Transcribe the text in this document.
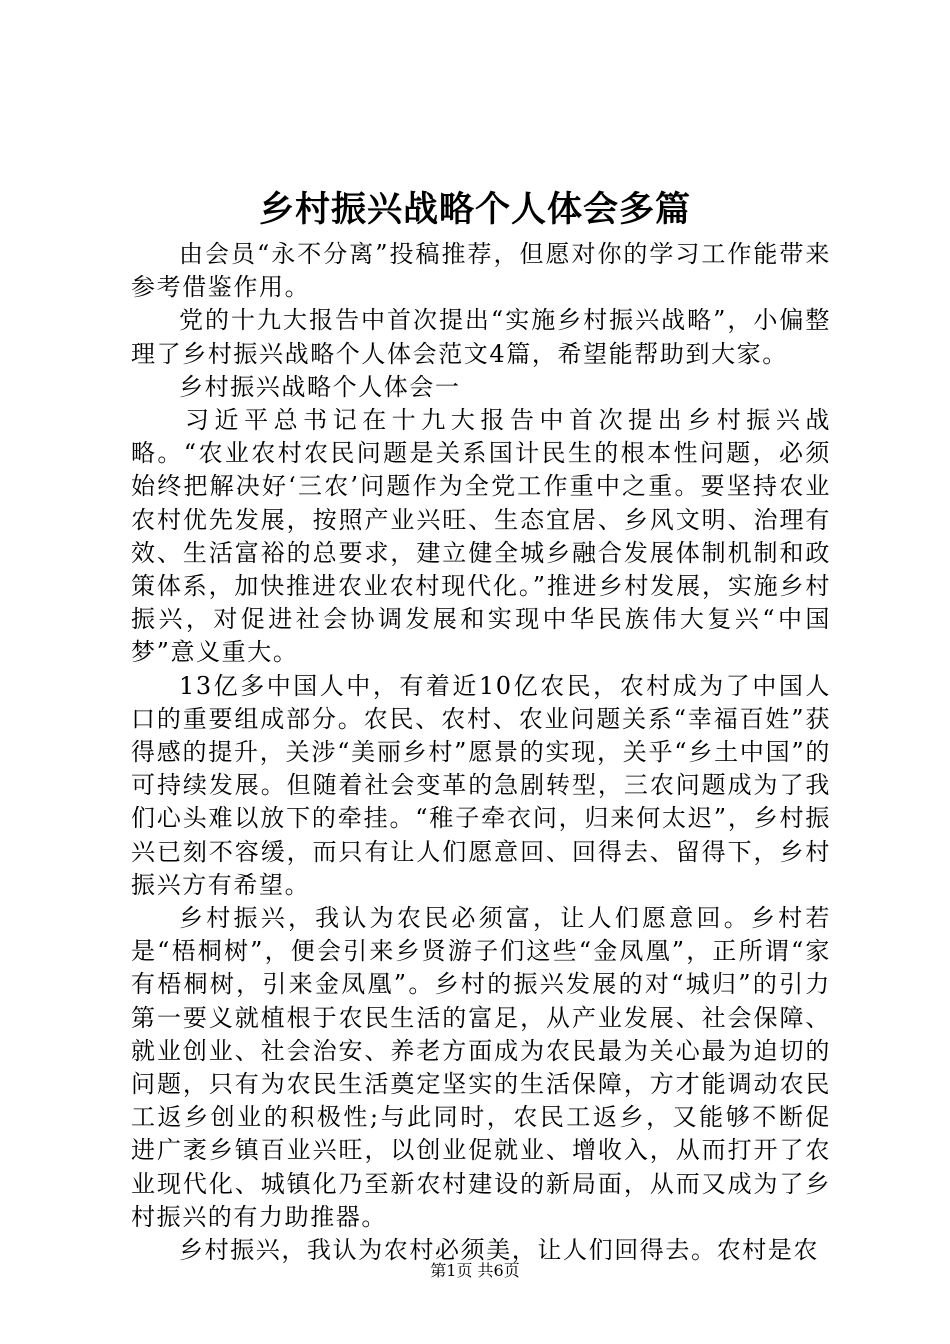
乡村振兴战略个人体会多篇

由会员“永不分离”投稿推荐，但愿对你的学习工作能带来参考借鉴作用。

党的十九大报告中首次提出“实施乡村振兴战略”，小偏整理了乡村振兴战略个人体会范文4篇，希望能帮助到大家。

乡村振兴战略个人体会一

习近平总书记在十九大报告中首次提出乡村振兴战略。“农业农村农民问题是关系国计民生的根本性问题，必须始终把解决好‘三农’问题作为全党工作重中之重。要坚持农业农村优先发展，按照产业兴旺、生态宜居、乡风文明、治理有效、生活富裕的总要求，建立健全城乡融合发展体制机制和政策体系，加快推进农业农村现代化。”推进乡村发展，实施乡村振兴，对促进社会协调发展和实现中华民族伟大复兴“中国梦”意义重大。

13亿多中国人中，有着近10亿农民，农村成为了中国人口的重要组成部分。农民、农村、农业问题关系“幸福百姓”获得感的提升，关涉“美丽乡村”愿景的实现，关乎“乡土中国”的可持续发展。但随着社会变革的急剧转型，三农问题成为了我们心头难以放下的牵挂。“稚子牵衣问，归来何太迟”，乡村振兴已刻不容缓，而只有让人们愿意回、回得去、留得下，乡村振兴方有希望。

乡村振兴，我认为农民必须富，让人们愿意回。乡村若是“梧桐树”，便会引来乡贤游子们这些“金凤凰”，正所谓“家有梧桐树，引来金凤凰”。乡村的振兴发展的对“城归”的引力第一要义就植根于农民生活的富足，从产业发展、社会保障、就业创业、社会治安、养老方面成为农民最为关心最为迫切的问题，只有为农民生活奠定坚实的生活保障，方才能调动农民工返乡创业的积极性;与此同时，农民工返乡，又能够不断促进广袤乡镇百业兴旺，以创业促就业、增收入，从而打开了农业现代化、城镇化乃至新农村建设的新局面，从而又成为了乡村振兴的有力助推器。

乡村振兴，我认为农村必须美，让人们回得去。农村是农

第1页 共6页
